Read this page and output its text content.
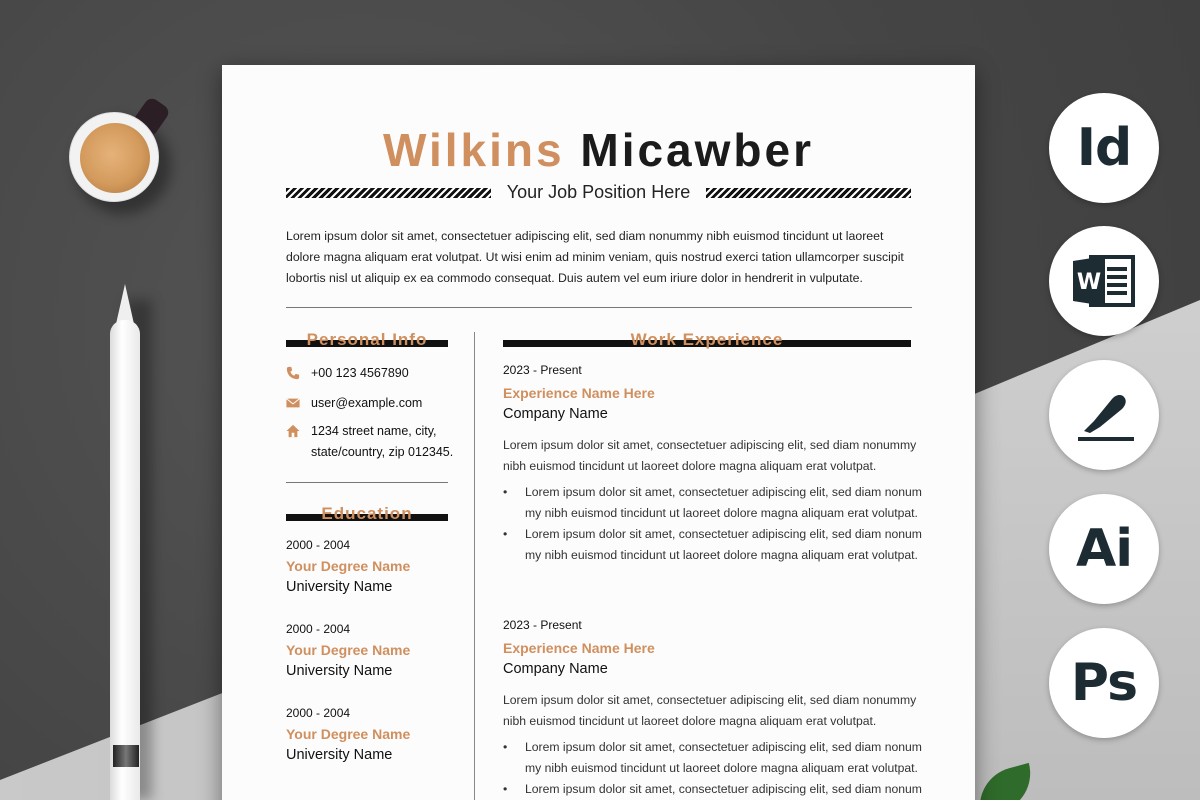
Wilkins Micawber
Your Job Position Here
Lorem ipsum dolor sit amet, consectetuer adipiscing elit, sed diam nonummy nibh euismod tincidunt ut laoreet dolore magna aliquam erat volutpat. Ut wisi enim ad minim veniam, quis nostrud exerci tation ullamcorper suscipit lobortis nisl ut aliquip ex ea commodo consequat. Duis autem vel eum iriure dolor in hendrerit in vulputate.
Personal Info
+00 123 4567890
user@example.com
1234 street name, city, state/country, zip 012345.
Education
2000 - 2004
Your Degree Name
University Name
2000 - 2004
Your Degree Name
University Name
2000 - 2004
Your Degree Name
University Name
Work Experience
2023 - Present
Experience Name Here
Company Name
Lorem ipsum dolor sit amet, consectetuer adipiscing elit, sed diam nonummy nibh euismod tincidunt ut laoreet dolore magna aliquam erat volutpat.
• Lorem ipsum dolor sit amet, consectetuer adipiscing elit, sed diam nonum my nibh euismod tincidunt ut laoreet dolore magna aliquam erat volutpat.
• Lorem ipsum dolor sit amet, consectetuer adipiscing elit, sed diam nonum my nibh euismod tincidunt ut laoreet dolore magna aliquam erat volutpat.
2023 - Present
Experience Name Here
Company Name
Lorem ipsum dolor sit amet, consectetuer adipiscing elit, sed diam nonummy nibh euismod tincidunt ut laoreet dolore magna aliquam erat volutpat.
• Lorem ipsum dolor sit amet, consectetuer adipiscing elit, sed diam nonum my nibh euismod tincidunt ut laoreet dolore magna aliquam erat volutpat.
• Lorem ipsum dolor sit amet, consectetuer adipiscing elit, sed diam nonum
Id
W
Ai
Ps
